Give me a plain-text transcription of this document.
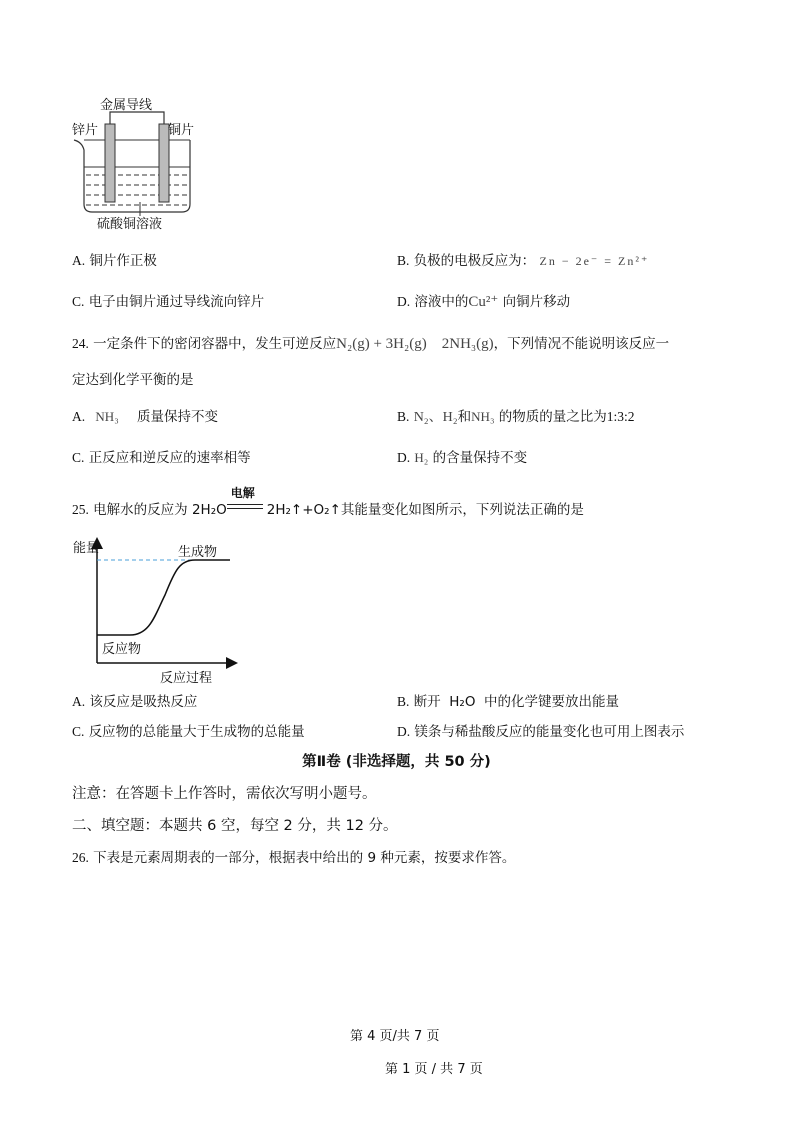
金属导线
锌片	铜片
硫酸铜溶液
A. 铜片作正极	B. 负极的电极反应为： Zn − 2e⁻ = Zn²⁺
C. 电子由铜片通过导线流向锌片	D. 溶液中的Cu²⁺ 向铜片移动
24. 一定条件下的密闭容器中，发生可逆反应N₂(g) + 3H₂(g)    2NH₃(g)，下列情况不能说明该反应一
定达到化学平衡的是
A. NH₃ 质量保持不变	B. N₂、H₂和NH₃ 的物质的量之比为1:3:2
C. 正反应和逆反应的速率相等	D. H₂ 的含量保持不变
25. 电解水的反应为 2H₂O
电解
2H₂↑+O₂↑其能量变化如图所示，下列说法正确的是
能量	生成物
反应物
反应过程
A. 该反应是吸热反应	B. 断开  H₂O  中的化学键要放出能量
C. 反应物的总能量大于生成物的总能量	D. 镁条与稀盐酸反应的能量变化也可用上图表示
第Ⅱ卷 (非选择题，共 50 分)
注意：在答题卡上作答时，需依次写明小题号。
二、填空题：本题共 6 空，每空 2 分，共 12 分。
26. 下表是元素周期表的一部分，根据表中给出的 9 种元素，按要求作答。
第 4 页/共 7 页
第 1 页 / 共 7 页
